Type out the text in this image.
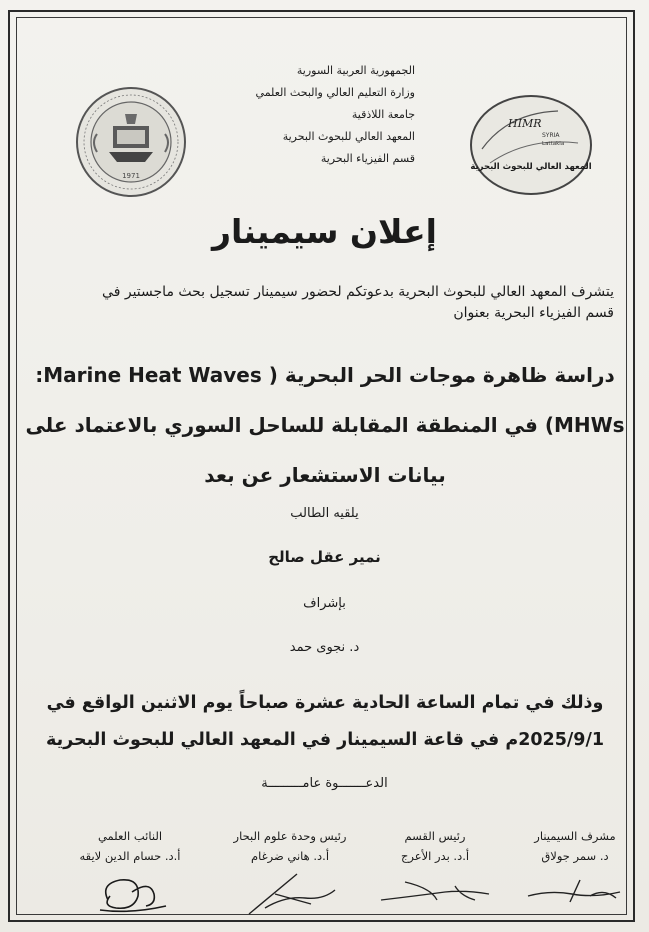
1971
الجمهورية العربية السورية
وزارة التعليم العالي والبحث العلمي
جامعة اللاذقية
المعهد العالي للبحوث البحرية
قسم الفيزياء البحرية
HIMR
SYRIA
Lattakia
المعهد العالي للبحوث البحرية
إعلان سيمينار
يتشرف المعهد العالي للبحوث البحرية بدعوتكم لحضور سيمينار تسجيل بحث ماجستير في
قسم الفيزياء البحرية بعنوان
دراسة ظاهرة موجات الحر البحرية ( Marine Heat Waves:
MHWs) في المنطقة المقابلة للساحل السوري بالاعتماد على
بيانات الاستشعار عن بعد
يلقيه الطالب
نمير عقل صالح
بإشراف
د. نجوى حمد
وذلك في تمام الساعة الحادية عشرة صباحاً يوم الاثنين الواقع في
2025/9/1م في قاعة السيمينار في المعهد العالي للبحوث البحرية
الدعـــــــوة عامـــــــــة
مشرف السيمينار
د. سمر جولاق
رئيس القسم
أ.د. بدر الأعرج
رئيس وحدة علوم البحار
أ.د. هاني ضرغام
النائب العلمي
أ.د. حسام الدين لايقه
